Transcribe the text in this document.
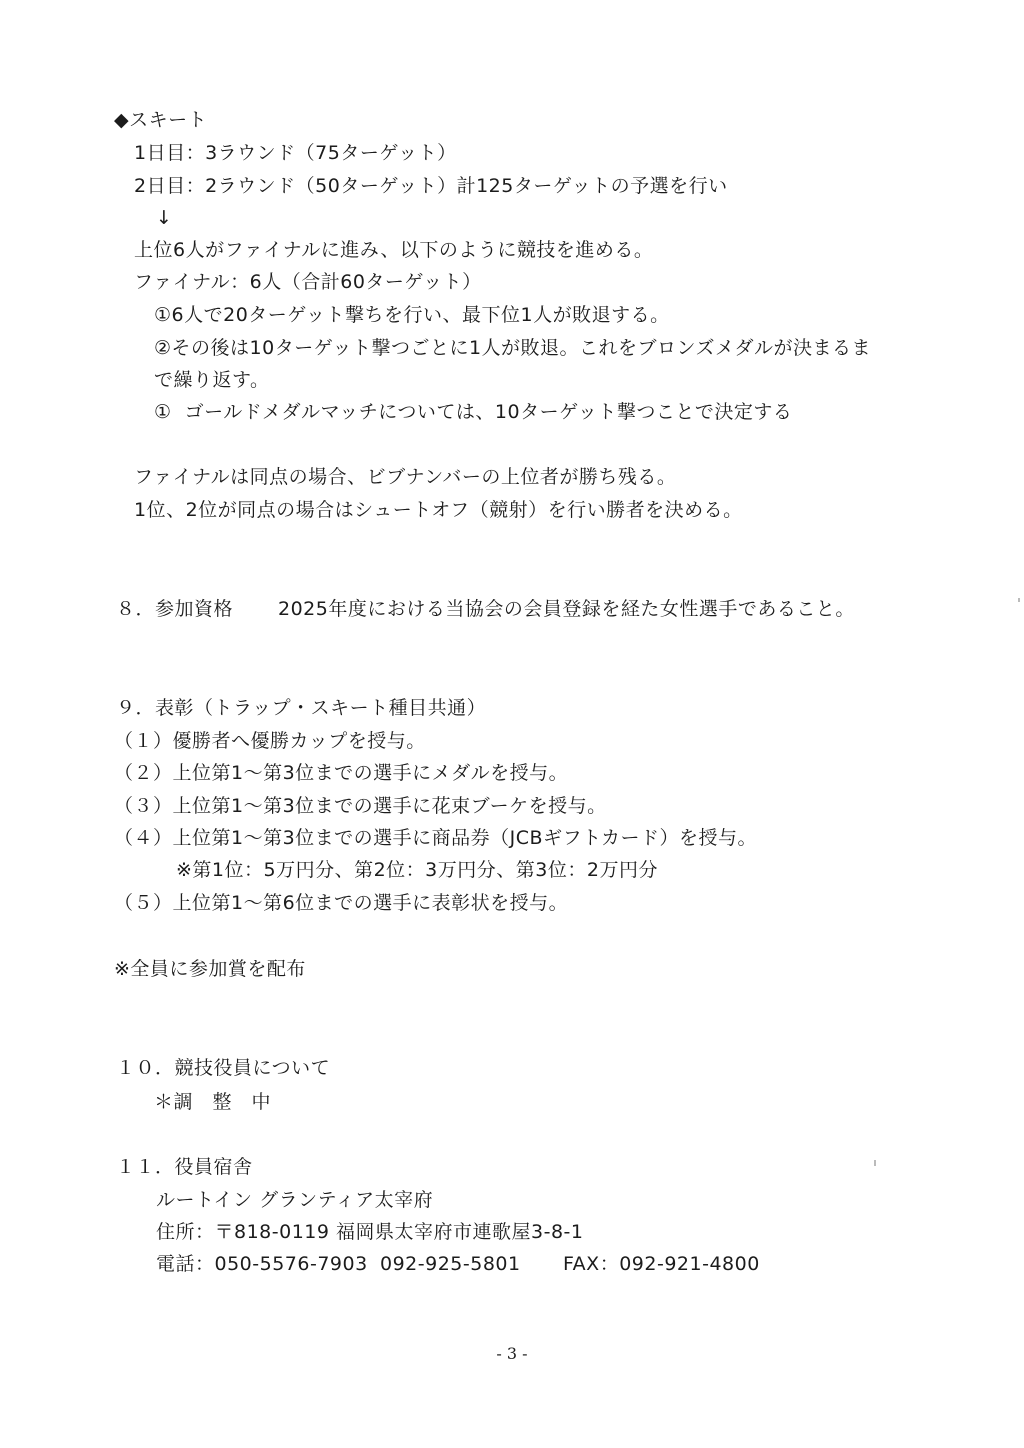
◆スキート
1日目：3ラウンド（75ターゲット）
2日目：2ラウンド（50ターゲット）計125ターゲットの予選を行い
↓
上位6人がファイナルに進み、以下のように競技を進める。
ファイナル：6人（合計60ターゲット）
①6人で20ターゲット撃ちを行い、最下位1人が敗退する。
②その後は10ターゲット撃つごとに1人が敗退。これをブロンズメダルが決まるま
で繰り返す。
①  ゴールドメダルマッチについては、10ターゲット撃つことで決定する
ファイナルは同点の場合、ビブナンバーの上位者が勝ち残る。
1位、2位が同点の場合はシュートオフ（競射）を行い勝者を決める。
８．参加資格 2025年度における当協会の会員登録を経た女性選手であること。
９．表彰（トラップ・スキート種目共通）
（１）優勝者へ優勝カップを授与。
（２）上位第1～第3位までの選手にメダルを授与。
（３）上位第1～第3位までの選手に花束ブーケを授与。
（４）上位第1～第3位までの選手に商品券（JCBギフトカード）を授与。
※第1位：5万円分、第2位：3万円分、第3位：2万円分
（５）上位第1～第6位までの選手に表彰状を授与。
※全員に参加賞を配布
１０．競技役員について
＊調　整　中
１１．役員宿舎
ルートイン グランティア太宰府
住所：〒818-0119 福岡県太宰府市連歌屋3-8-1
電話：050-5576-7903 092-925-5801 FAX：092-921-4800
- 3 -
